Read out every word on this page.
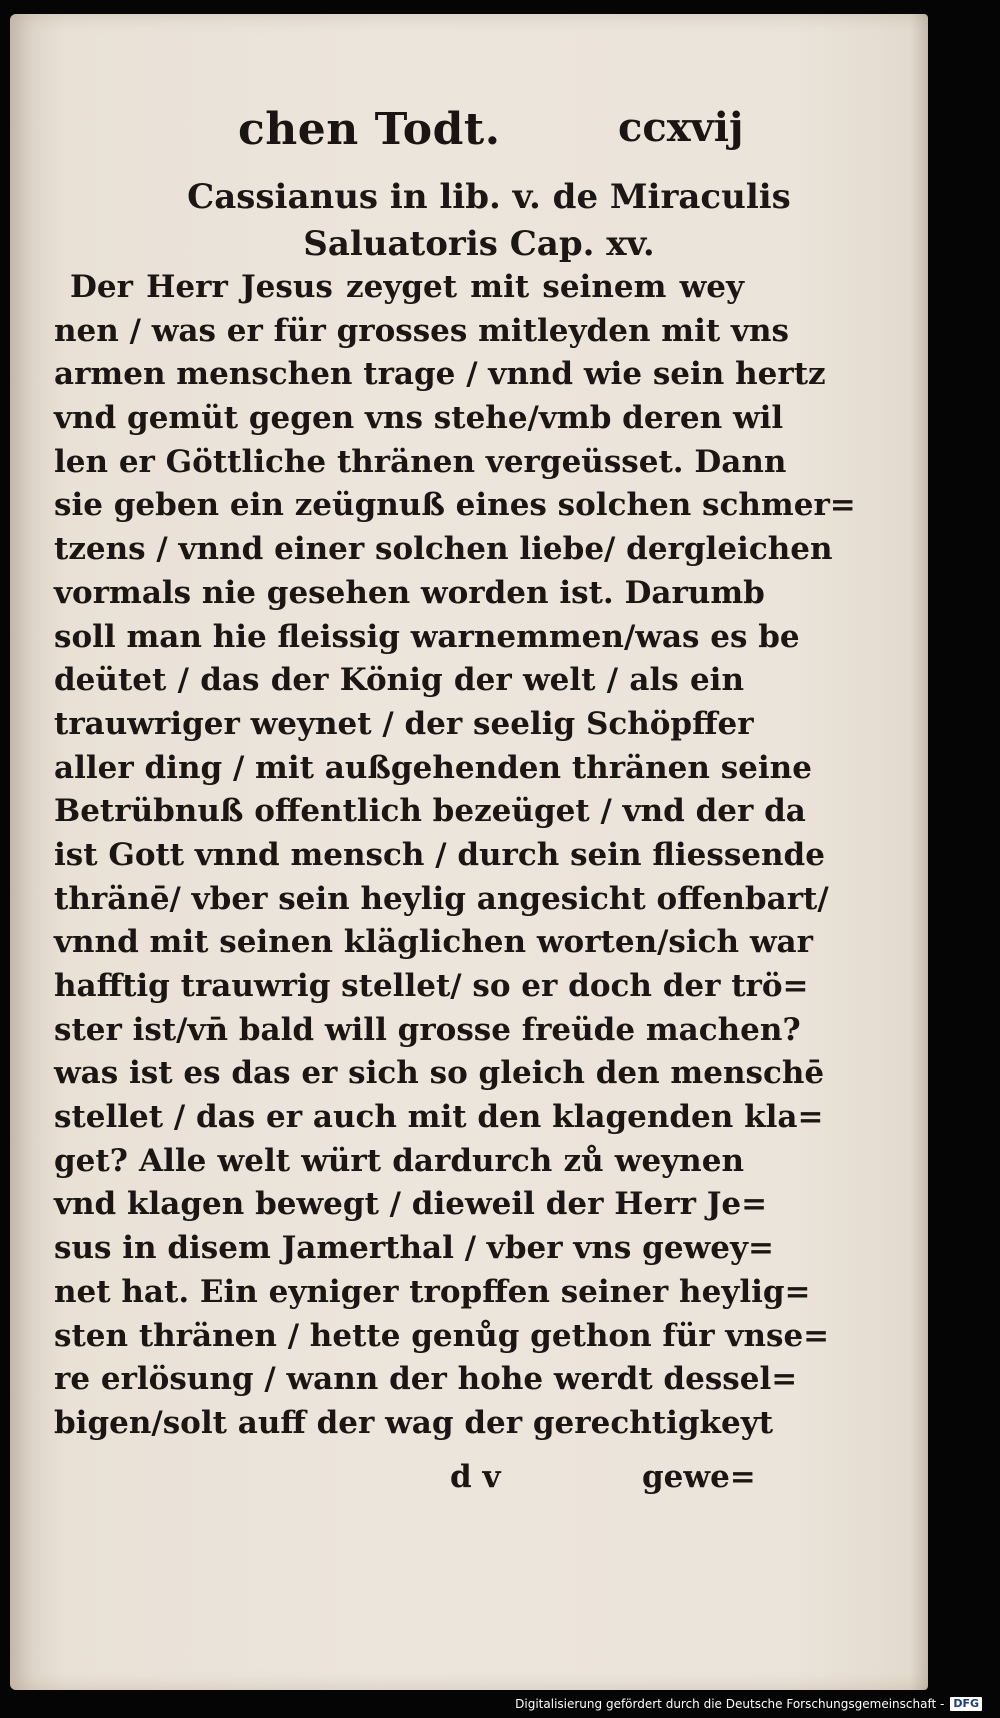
chen Todt.	ccxvij
Cassianus in lib. v. de Miraculis
Saluatoris Cap. xv.
Der Herr Jesus zeyget mit seinem wey
nen / was er für grosses mitleyden mit vns
armen menschen trage / vnnd wie sein hertz
vnd gemüt gegen vns stehe/vmb deren wil
len er Göttliche thränen vergeüsset. Dann
sie geben ein zeügnuß eines solchen schmer=
tzens / vnnd einer solchen liebe/ dergleichen
vormals nie gesehen worden ist. Darumb
soll man hie fleissig warnemmen/was es be
deütet / das der König der welt / als ein
trauwriger weynet / der seelig Schöpffer
aller ding / mit außgehenden thränen seine
Betrübnuß offentlich bezeüget / vnd der da
ist Gott vnnd mensch / durch sein fliessende
thränē/ vber sein heylig angesicht offenbart/
vnnd mit seinen kläglichen worten/sich war
hafftig trauwrig stellet/ so er doch der trö=
ster ist/vn̄ bald will grosse freüde machen?
was ist es das er sich so gleich den menschē
stellet / das er auch mit den klagenden kla=
get? Alle welt würt dardurch zů weynen
vnd klagen bewegt / dieweil der Herr Je=
sus in disem Jamerthal / vber vns gewey=
net hat. Ein eyniger tropffen seiner heylig=
sten thränen / hette genůg gethon für vnse=
re erlösung / wann der hohe werdt dessel=
bigen/solt auff der wag der gerechtigkeyt
d v	gewe=
Digitalisierung gefördert durch die Deutsche Forschungsgemeinschaft - DFG
